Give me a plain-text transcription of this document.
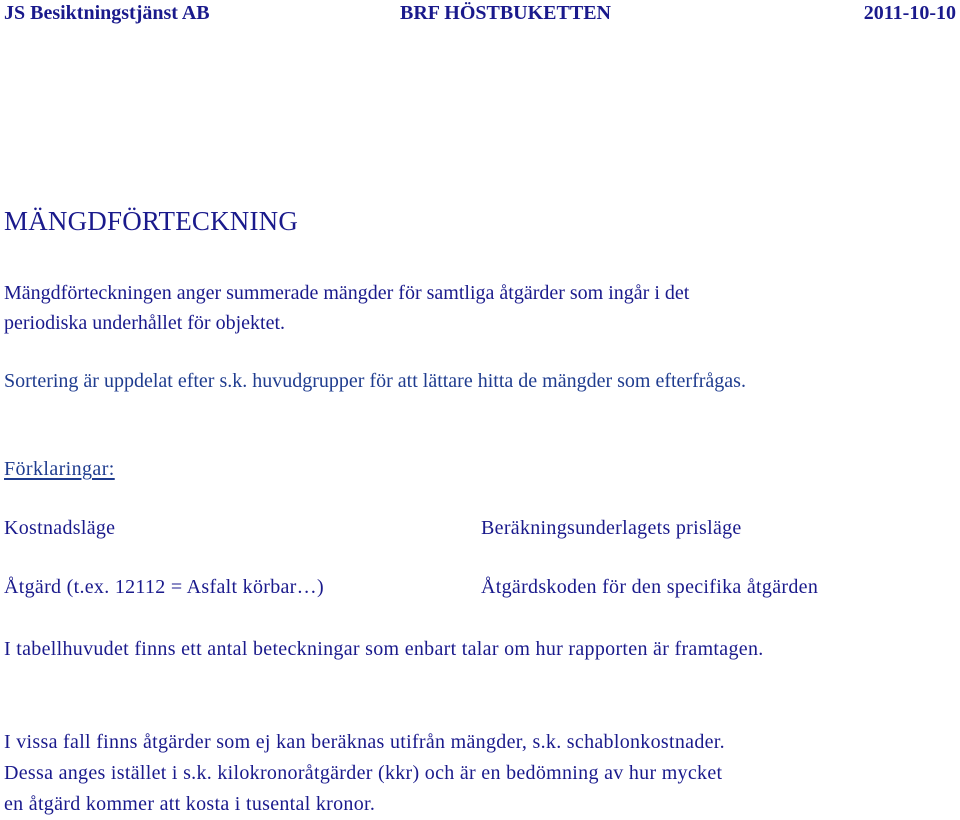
JS Besiktningstjänst AB	BRF HÖSTBUKETTEN	2011-10-10
MÄNGDFÖRTECKNING
Mängdförteckningen anger summerade mängder för samtliga åtgärder som ingår i det
periodiska underhållet för objektet.
Sortering är uppdelat efter s.k. huvudgrupper för att lättare hitta de mängder som efterfrågas.
Förklaringar:
Kostnadsläge	Beräkningsunderlagets prisläge
Åtgärd (t.ex. 12112 = Asfalt körbar…)	Åtgärdskoden för den specifika åtgärden
I tabellhuvudet finns ett antal beteckningar som enbart talar om hur rapporten är framtagen.
I vissa fall finns åtgärder som ej kan beräknas utifrån mängder, s.k. schablonkostnader.
Dessa anges istället i s.k. kilokronoråtgärder (kkr) och är en bedömning av hur mycket
en åtgärd kommer att kosta i tusental kronor.
